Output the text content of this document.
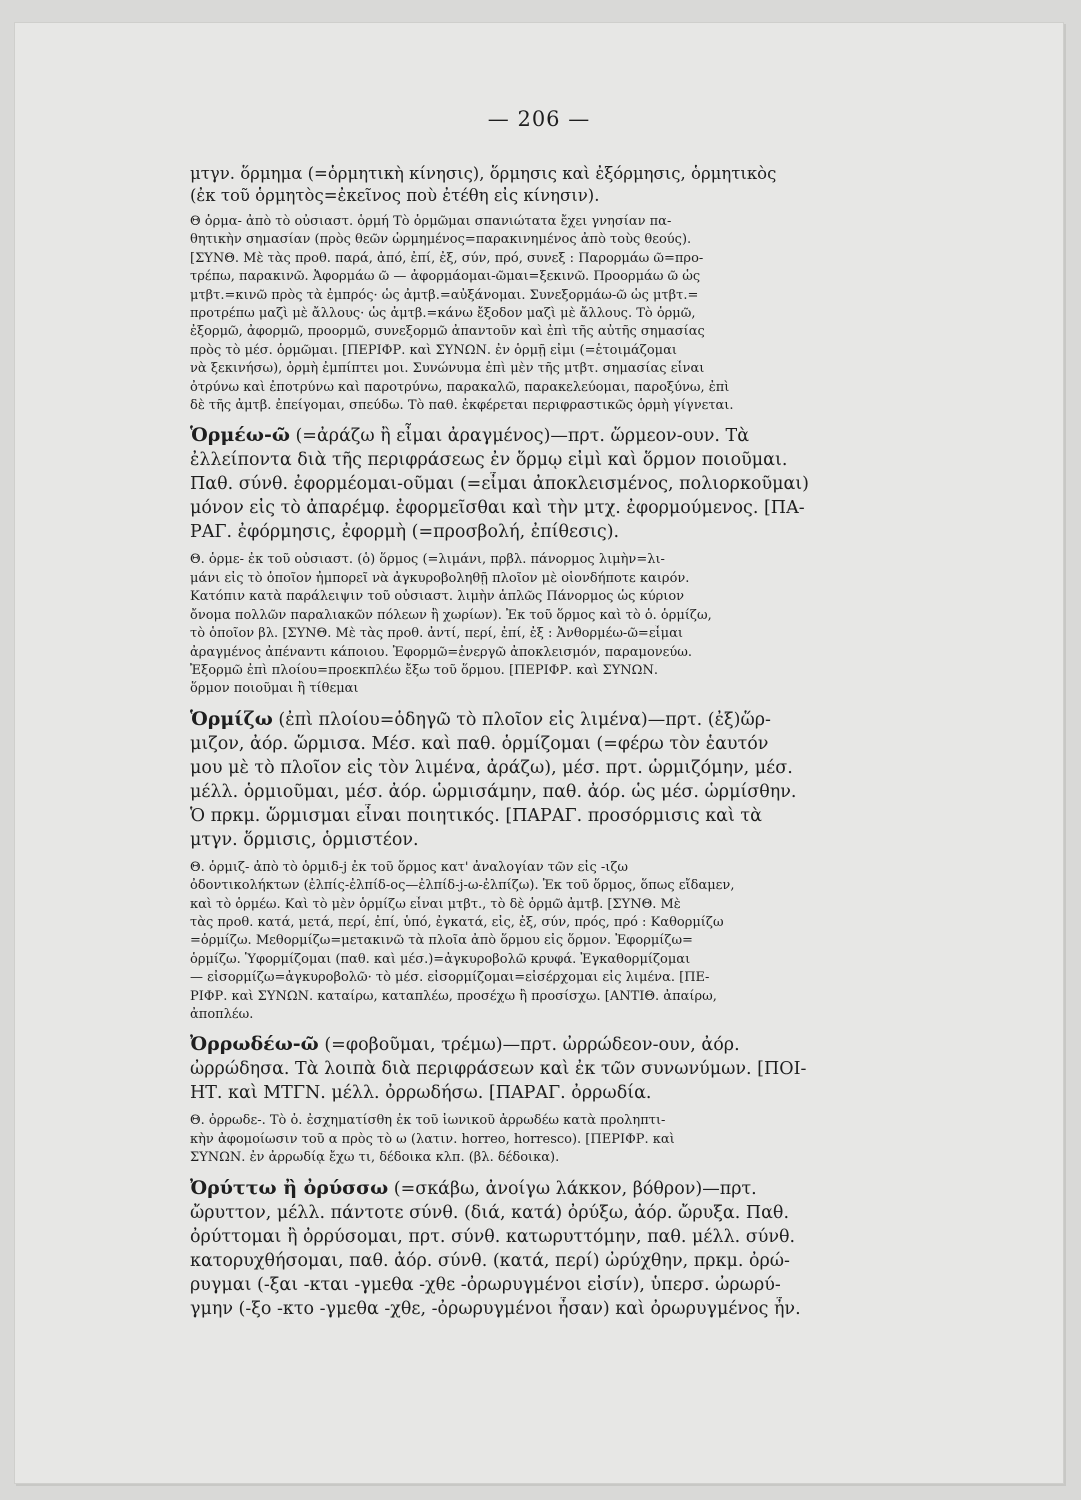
— 206 —
μτγν. ὅρμημα (=ὁρμητικὴ κίνησις), ὅρμησις καὶ ἐξόρμησις, ὁρμητικὸς
(ἐκ τοῦ ὁρμητὸς=ἐκεῖνος ποὺ ἐτέθη εἰς κίνησιν).
Θ ὁρμα- ἀπὸ τὸ οὐσιαστ. ὁρμή Τὸ ὁρμῶμαι σπανιώτατα ἔχει γνησίαν πα-
θητικὴν σημασίαν (πρὸς θεῶν ὡρμημένος=παρακινημένος ἀπὸ τοὺς θεούς).
[ΣΥΝΘ. Μὲ τὰς προθ. παρά, ἀπό, ἐπί, ἐξ, σύν, πρό, συνεξ : Παρορμάω ῶ=προ-
τρέπω, παρακινῶ. Ἀφορμάω ῶ — ἀφορμάομαι-ῶμαι=ξεκινῶ. Προορμάω ῶ ὡς
μτβτ.=κινῶ πρὸς τὰ ἐμπρός· ὡς ἀμτβ.=αὐξάνομαι. Συνεξορμάω-ῶ ὡς μτβτ.=
προτρέπω μαζὶ μὲ ἄλλους· ὡς ἀμτβ.=κάνω ἔξοδον μαζὶ μὲ ἄλλους. Τὸ ὁρμῶ,
ἐξορμῶ, ἀφορμῶ, προορμῶ, συνεξορμῶ ἀπαντοῦν καὶ ἐπὶ τῆς αὐτῆς σημασίας
πρὸς τὸ μέσ. ὁρμῶμαι. [ΠΕΡΙΦΡ. καὶ ΣΥΝΩΝ. ἐν ὁρμῇ εἰμι (=ἑτοιμάζομαι
νὰ ξεκινήσω), ὁρμὴ ἐμπίπτει μοι. Συνώνυμα ἐπὶ μὲν τῆς μτβτ. σημασίας εἶναι
ὀτρύνω καὶ ἐποτρύνω καὶ παροτρύνω, παρακαλῶ, παρακελεύομαι, παροξύνω, ἐπὶ
δὲ τῆς ἀμτβ. ἐπείγομαι, σπεύδω. Τὸ παθ. ἐκφέρεται περιφραστικῶς ὁρμὴ γίγνεται.
Ὁρμέω-ῶ (=ἀράζω ἢ εἶμαι ἀραγμένος)—πρτ. ὥρμεον-ουν. Τὰ
ἐλλείποντα διὰ τῆς περιφράσεως ἐν ὅρμῳ εἰμὶ καὶ ὅρμον ποιοῦμαι.
Παθ. σύνθ. ἐφορμέομαι-οῦμαι (=εἶμαι ἀποκλεισμένος, πολιορκοῦμαι)
μόνον εἰς τὸ ἀπαρέμφ. ἐφορμεῖσθαι καὶ τὴν μτχ. ἐφορμούμενος. [ΠΑ-
ΡΑΓ. ἐφόρμησις, ἐφορμὴ (=προσβολή, ἐπίθεσις).
Θ. ὁρμε- ἐκ τοῦ οὐσιαστ. (ὁ) ὅρμος (=λιμάνι, πρβλ. πάνορμος λιμὴν=λι-
μάνι εἰς τὸ ὁποῖον ἠμπορεῖ νὰ ἀγκυροβοληθῇ πλοῖον μὲ οἱονδήποτε καιρόν.
Κατόπιν κατὰ παράλειψιν τοῦ οὐσιαστ. λιμὴν ἁπλῶς Πάνορμος ὡς κύριον
ὄνομα πολλῶν παραλιακῶν πόλεων ἢ χωρίων). Ἐκ τοῦ ὅρμος καὶ τὸ ὁ. ὁρμίζω,
τὸ ὁποῖον βλ. [ΣΥΝΘ. Μὲ τὰς προθ. ἀντί, περί, ἐπί, ἐξ : Ἀνθορμέω-ῶ=εἶμαι
ἀραγμένος ἀπέναντι κάποιου. Ἐφορμῶ=ἐνεργῶ ἀποκλεισμόν, παραμονεύω.
Ἐξορμῶ ἐπὶ πλοίου=προεκπλέω ἔξω τοῦ ὅρμου. [ΠΕΡΙΦΡ. καὶ ΣΥΝΩΝ.
ὅρμον ποιοῦμαι ἢ τίθεμαι
Ὁρμίζω (ἐπὶ πλοίου=ὁδηγῶ τὸ πλοῖον εἰς λιμένα)—πρτ. (ἐξ)ὥρ-
μιζον, ἀόρ. ὥρμισα. Μέσ. καὶ παθ. ὁρμίζομαι (=φέρω τὸν ἑαυτόν
μου μὲ τὸ πλοῖον εἰς τὸν λιμένα, ἀράζω), μέσ. πρτ. ὡρμιζόμην, μέσ.
μέλλ. ὁρμιοῦμαι, μέσ. ἀόρ. ὡρμισάμην, παθ. ἀόρ. ὡς μέσ. ὡρμίσθην.
Ὁ πρκμ. ὥρμισμαι εἶναι ποιητικός. [ΠΑΡΑΓ. προσόρμισις καὶ τὰ
μτγν. ὅρμισις, ὁρμιστέον.
Θ. ὁρμιζ- ἀπὸ τὸ ὁρμιδ-j ἐκ τοῦ ὅρμος κατ' ἀναλογίαν τῶν εἰς -ιζω
ὀδοντικολήκτων (ἐλπίς-ἐλπίδ-ος—ἐλπίδ-j-ω-ἐλπίζω). Ἐκ τοῦ ὅρμος, ὅπως εἴδαμεν,
καὶ τὸ ὁρμέω. Καὶ τὸ μὲν ὁρμίζω εἶναι μτβτ., τὸ δὲ ὁρμῶ ἀμτβ. [ΣΥΝΘ. Μὲ
τὰς προθ. κατά, μετά, περί, ἐπί, ὑπό, ἐγκατά, εἰς, ἐξ, σύν, πρός, πρό : Καθορμίζω
=ὁρμίζω. Μεθορμίζω=μετακινῶ τὰ πλοῖα ἀπὸ ὅρμου εἰς ὅρμον. Ἐφορμίζω=
ὁρμίζω. Ὑφορμίζομαι (παθ. καὶ μέσ.)=ἀγκυροβολῶ κρυφά. Ἐγκαθορμίζομαι
— εἰσορμίζω=ἀγκυροβολῶ· τὸ μέσ. εἰσορμίζομαι=εἰσέρχομαι εἰς λιμένα. [ΠΕ-
ΡΙΦΡ. καὶ ΣΥΝΩΝ. καταίρω, καταπλέω, προσέχω ἢ προσίσχω. [ΑΝΤΙΘ. ἀπαίρω,
ἀποπλέω.
Ὀρρωδέω-ῶ (=φοβοῦμαι, τρέμω)—πρτ. ὠρρώδεον-ουν, ἀόρ.
ὠρρώδησα. Τὰ λοιπὰ διὰ περιφράσεων καὶ ἐκ τῶν συνωνύμων. [ΠΟΙ-
ΗΤ. καὶ ΜΤΓΝ. μέλλ. ὀρρωδήσω. [ΠΑΡΑΓ. ὀρρωδία.
Θ. ὀρρωδε-. Τὸ ὀ. ἐσχηματίσθη ἐκ τοῦ ἰωνικοῦ ἀρρωδέω κατὰ προληπτι-
κὴν ἀφομοίωσιν τοῦ α πρὸς τὸ ω (λατιν. horreo, horresco). [ΠΕΡΙΦΡ. καὶ
ΣΥΝΩΝ. ἐν ἀρρωδίᾳ ἔχω τι, δέδοικα κλπ. (βλ. δέδοικα).
Ὀρύττω ἢ ὀρύσσω (=σκάβω, ἀνοίγω λάκκον, βόθρον)—πρτ.
ὤρυττον, μέλλ. πάντοτε σύνθ. (διά, κατά) ὀρύξω, ἀόρ. ὤρυξα. Παθ.
ὀρύττομαι ἢ ὀρρύσομαι, πρτ. σύνθ. κατωρυττόμην, παθ. μέλλ. σύνθ.
κατορυχθήσομαι, παθ. ἀόρ. σύνθ. (κατά, περί) ὠρύχθην, πρκμ. ὀρώ-
ρυγμαι (-ξαι -κται -γμεθα -χθε -ὀρωρυγμένοι εἰσίν), ὑπερσ. ὠρωρύ-
γμην (-ξο -κτο -γμεθα -χθε, -ὀρωρυγμένοι ἦσαν) καὶ ὀρωρυγμένος ἦν.
